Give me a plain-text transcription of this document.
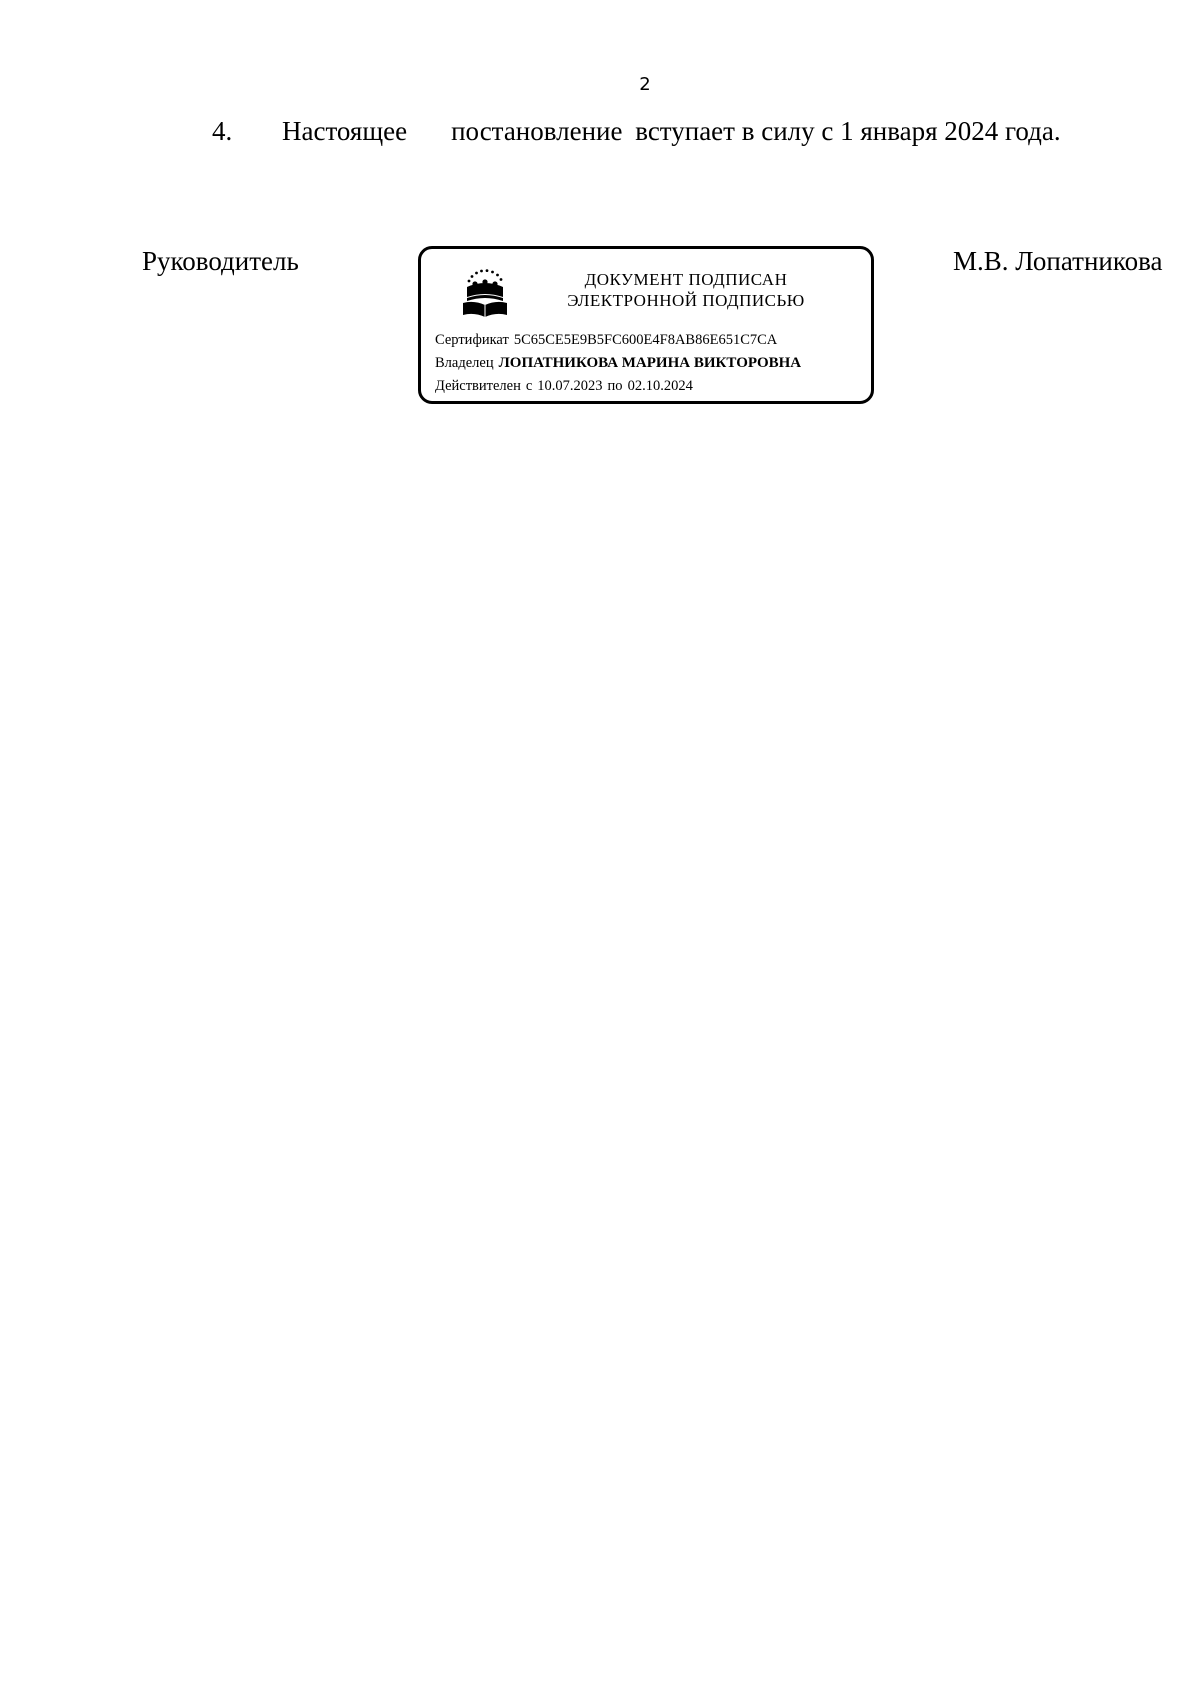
2
4. Настоящее постановление вступает в силу с 1 января 2024 года.
Руководитель
ДОКУМЕНТ ПОДПИСАН
ЭЛЕКТРОННОЙ ПОДПИСЬЮ
Сертификат 5C65CE5E9B5FC600E4F8AB86E651C7CA
Владелец ЛОПАТНИКОВА МАРИНА ВИКТОРОВНА
Действителен с 10.07.2023 по 02.10.2024
М.В. Лопатникова
